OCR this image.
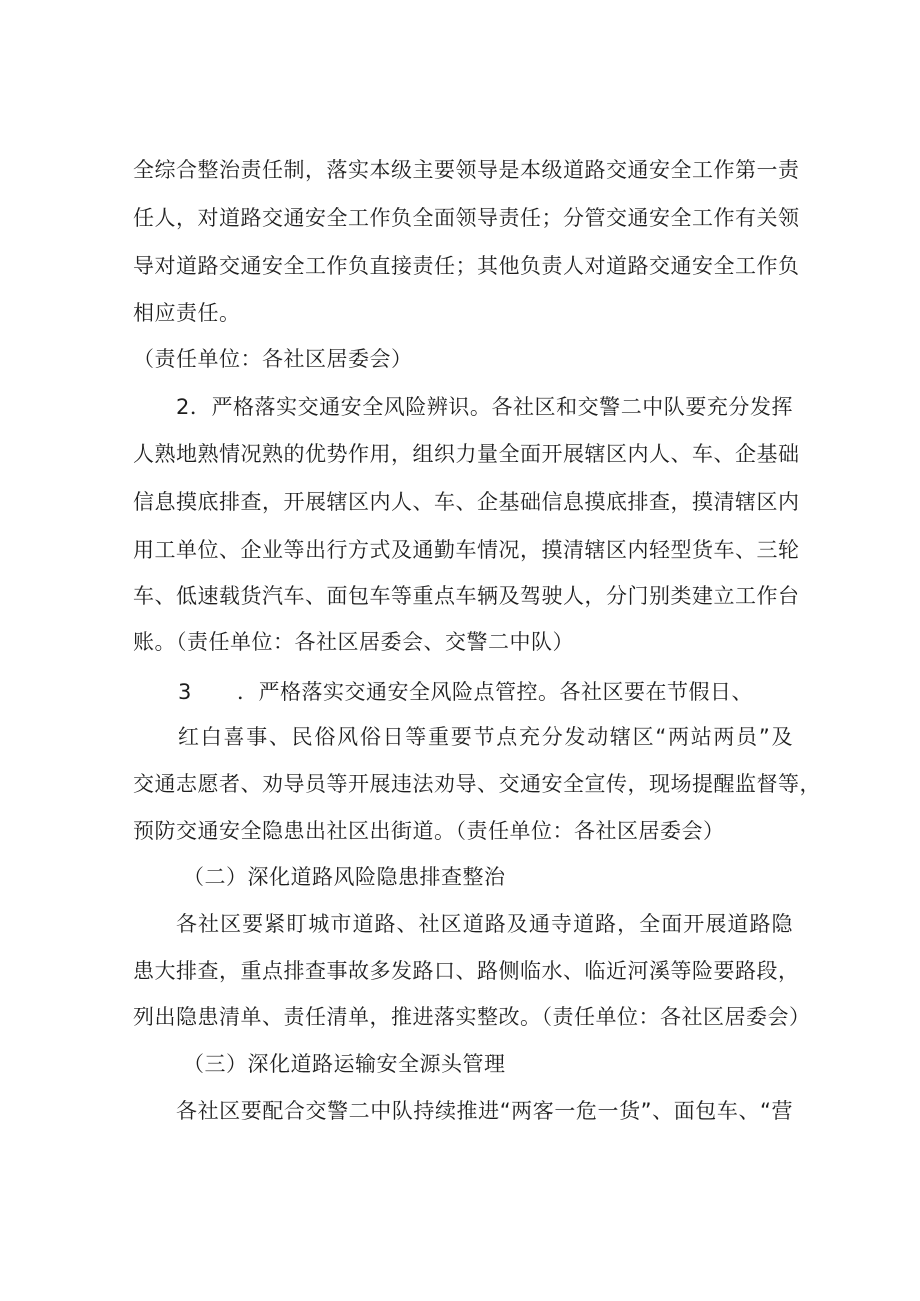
全综合整治责任制，落实本级主要领导是本级道路交通安全工作第一责
任人，对道路交通安全工作负全面领导责任；分管交通安全工作有关领
导对道路交通安全工作负直接责任；其他负责人对道路交通安全工作负
相应责任。
（责任单位：各社区居委会）
2．严格落实交通安全风险辨识。各社区和交警二中队要充分发挥
人熟地熟情况熟的优势作用，组织力量全面开展辖区内人、车、企基础
信息摸底排查，开展辖区内人、车、企基础信息摸底排查，摸清辖区内
用工单位、企业等出行方式及通勤车情况，摸清辖区内轻型货车、三轮
车、低速载货汽车、面包车等重点车辆及驾驶人，分门别类建立工作台
账。（责任单位：各社区居委会、交警二中队）
3 ．严格落实交通安全风险点管控。各社区要在节假日、
红白喜事、民俗风俗日等重要节点充分发动辖区“两站两员”及
交通志愿者、劝导员等开展违法劝导、交通安全宣传，现场提醒监督等，
预防交通安全隐患出社区出街道。（责任单位：各社区居委会）
（二）深化道路风险隐患排查整治
各社区要紧盯城市道路、社区道路及通寺道路，全面开展道路隐
患大排查，重点排查事故多发路口、路侧临水、临近河溪等险要路段，
列出隐患清单、责任清单，推进落实整改。（责任单位：各社区居委会）
（三）深化道路运输安全源头管理
各社区要配合交警二中队持续推进“两客一危一货”、面包车、“营
